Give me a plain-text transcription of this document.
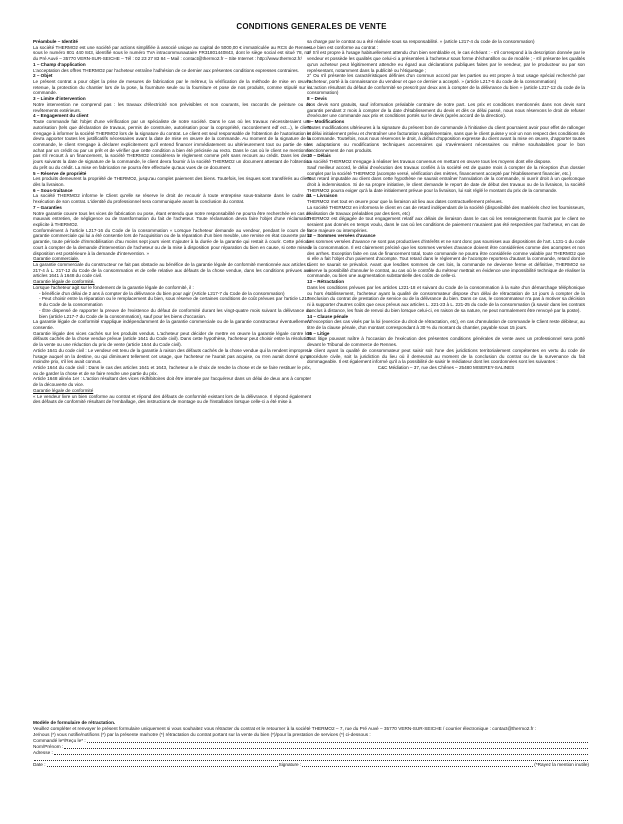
CONDITIONS GENERALES DE VENTE

Préambule – Identité

La société THERMO2 est une société par actions simplifiée à associé unique au capital de 5000,00 € immatriculée au RCS de Rennes sous le numéro 801 440 843, identifié sous le numéro TVA intracommunautaire FR31801440843, dont le siège social est situé 78, rue du Pré Auvé – 35770 VERN-SUR-SEICHE – Tél : 02 23 27 83 84 – Mail : contact@thermo2.fr – Site Internet : http://www.thermo2.fr/

1 – Champ d'application

L'acceptation des offres THERMO2 par l'acheteur entraîne l'adhésion de ce dernier aux présentes conditions expresses contraires.

2 – Objet

Le présent contrat a pour objet la prise de mesures de fabrication par le métreur, la vérification de la méthode de mise en œuvre retenue, la protection du chantier lors de la pose, la fourniture seule ou la fourniture et pose de nos produits, comme stipulé sur la commande.

3 – Limite d'intervention

Notre intervention ne comprend pas : les travaux d'électricité non prévisibles et non courants, les raccords de peinture ou de revêtements extérieurs.

4 – Engagement du client

Toute commande fait l'objet d'une vérification par un spécialiste de notre société. Dans le cas où les travaux nécessiteraient une autorisation (tels que déclaration de travaux, permis de construire, autorisation pour la copropriété, raccordement edf ect...), le client s'engage à informer la société THERMO2 lors de la signature du contrat. Le client est seul responsable de l'obtention de l'autorisation et devra apporter toutes les justificatifs nécessaires avant la date de mise en œuvre de la commande. Au moment de la signature de la commande, le client s'engage à déclarer explicitement qu'il entend financer immédiatement ou ultérieurement tout ou partie de son achat par un crédit ou par un prêt et de vérifier que cette condition a bien été précisée au recto. Dans le cas où le client ne mentionne pas s'il recourt à un financement, la société THERMO2 considérera le règlement comme prêt sans recours au crédit. Dans les deux jours suivants la date de signature de la commande, le client devra fournir à la société THERMO2 un document attestant de l'obtention du prêt ou du crédit. La mise en fabrication ne pourra être effectuée qu'aux vues de ce document.

5 – Réserve de propriété

Les produits demeurent la propriété de THERMO2, jusqu'au complet paiement des biens. Toutefois, les risques sont transférés au client dès la livraison.

6 – Sous-traitance

La société THERMO2 informe le Client qu'elle se réserve le droit de recourir à toute entreprise sous-traitante dans le cadre de l'exécution de son contrat. L'identité du professionnel sera communiquée avant la conclusion du contrat.

7 – Garanties

Notre garantie couvre tous les vices de fabrication ou pose, étant entendu que notre responsabilité ne pourra être recherchée en cas de mauvais entretien, de négligence ou de transformation du fait de l'acheteur. Toute réclamation devra faire l'objet d'une réclamation explicite à THERMO2.

Conformément à l'article L217-16 du Code de la consommation « Lorsque l'acheteur demande au vendeur, pendant le cours de la garantie commerciale qui lui a été consentie lors de l'acquisition ou de la réparation d'un bien meuble, une remise en état couverte par la garantie, toute période d'immobilisation d'au moins sept jours vient s'ajouter à la durée de la garantie qui restait à courir. Cette période court à compter de la demande d'intervention de l'acheteur ou de la mise à disposition pour réparation du bien en cause, si cette mise à disposition est postérieure à la demande d'intervention. »

Garantie commerciale.

La garantie commerciale du constructeur ne fait pas obstacle au bénéfice de la garantie légale de conformité mentionnée aux articles L. 217-4 à L. 217-12 du Code de la consommation et de celle relative aux défauts de la chose vendue, dans les conditions prévues aux articles 1641 à 1648 du code civil.

Garantie légale de conformité.

Lorsque l'acheteur agit sur le fondement de la garantie légale de conformité, il :

- bénéficie d'un délai de 2 ans à compter de la délivrance du bien pour agir (Article L217-7 du Code de la consommation)

- Peut choisir entre la réparation ou le remplacement du bien, sous réserve de certaines conditions de coût prévues par l'article L217-9 du Code de la consommation

- Être dispensé de rapporter la preuve de l'existence du défaut de conformité durant les vingt-quatre mois suivant la délivrance du bien (article L217-7 du Code de la consommation), sauf pour les biens d'occasion.

La garantie légale de conformité s'applique indépendamment de la garantie commerciale ou de la garantie constructeur éventuellement consentie.

Garantie légale des vices cachés sur les produits vendus. L'acheteur peut décider de mettre en œuvre la garantie légale contre les défauts cachés de la chose vendue prévue (article 1641 du Code civil). Dans cette hypothèse, l'acheteur peut choisir entre la résolution de la vente ou une réduction du prix de vente (article 1644 du Code civil).

Article 1641 du code civil : Le vendeur est tenu de la garantie à raison des défauts cachés de la chose vendue qui la rendent impropre à l'usage auquel on la destine, ou qui diminuent tellement cet usage, que l'acheteur ne l'aurait pas acquise, ou n'en aurait donné qu'un moindre prix, s'il les avait connus.

Article 1644 du code civil : Dans le cas des articles 1641 et 1643, l'acheteur a le choix de rendre la chose et de se faire restituer le prix, ou de garder la chose et de se faire rendre une partie du prix.

Article 1648 alinéa 1er : L'action résultant des vices rédhibitoires doit être intentée par l'acquéreur dans un délai de deux ans à compter de la découverte du vice.

Garantie légale de conformité

« Le vendeur livre un bien conforme au contrat et répond des défauts de conformité existant lors de la délivrance. Il répond également des défauts de conformité résultant de l'emballage, des instructions de montage ou de l'installation lorsque celle-ci a été mise à

sa charge par le contrat ou a été réalisée sous sa responsabilité. » (article L217-4 du code de la consommation)

« Le bien est conforme au contrat :

1° S'il est propre à l'usage habituellement attendu d'un bien semblable et, le cas échéant : - s'il correspond à la description donnée par le vendeur et possède les qualités que celui-ci a présentées à l'acheteur sous forme d'échantillon ou de modèle ; - s'il présente les qualités qu'un acheteur peut légitimement attendre eu égard aux déclarations publiques faites par le vendeur, par le producteur ou par son représentant, notamment dans la publicité ou l'étiquetage ;

2° Ou s'il présente les caractéristiques définies d'un commun accord par les parties ou est propre à tout usage spécial recherché par l'acheteur, porté à la connaissance du vendeur et que ce dernier a accepté. » (article L217-5 du code de la consommation)

« L'action résultant du défaut de conformité se prescrit par deux ans à compter de la délivrance du bien » (article L217-12 du code de la consommation)

8 – Devis

Nos devis sont gratuits, sauf information préalable contraire de notre part. Les prix et conditions mentionnés dans nos devis sont garantis pendant 2 mois à compter de la date d'établissement du devis et dès ce délai passé, nous nous réservons le droit de refuser d'exécuter une commande aux prix et conditions portés sur le devis (après accord de la direction).

9 – Modifications

Toutes modifications ultérieures à la signature du présent bon de commande à l'initiative du client pourraient avoir pour effet de rallonger le délai initialement prévu et d'entraîner une facturation supplémentaire, sans que le client puisse y voir un non respect des conditions de la commande. Toutefois, nous nous réservons le droit, à défaut d'opposition expresse du client avant la mise en œuvre, d'apporter toutes les adaptations ou modifications techniques accessoires qui s'avéreraient nécessaires ou même souhaitables pour le bon fonctionnement de nos produits.

10 – Délais

La société THERMO2 s'engage à réaliser les travaux convenus en mettant en œuvre tous les moyens dont elle dispose.

Sauf meilleur accord, le délai d'exécution des travaux confiés à la société est de quatre mois à compter de la réception d'un dossier complet par la société THERMO2 (acompte versé, vérification des mètres, financement accepté par l'établissement financier, etc.)

Tout retard imputable au client dans cette hypothèse ne saurait entraîner l'annulation de la commande, ni ouvrir droit à un quelconque droit à indemnisation. Si de sa propre initiative, le client demande le report de date de début des travaux ou de la livraison, la société THERMO2 pourra exiger qu'à la date initialement prévue pour la livraison, lui soit réglé le montant du prix de la commande.

11 – Livraison

THERMO2 met tout en œuvre pour que la livraison ait lieu aux dates contractuellement prévues.

La société THERMO2 en informera le client en cas de retard indépendant de la société (disponibilité des matériels chez les fournisseurs, réalisation de travaux préalables par des tiers, etc)

THERMO2 est dégagée de tout engagement relatif aux délais de livraison dans le cas où les renseignements fournis par le client ne seraient pas donnés en temps voulu, dans le cas où les conditions de paiement n'auraient pas été respectées par l'acheteur, en cas de force majeure ou intempéries.

12 – Sommes versées d'avance

Les sommes versées d'avance ne sont pas productives d'intérêts et ne sont donc pas soumises aux dispositions de l'art. L131-1 du code de la consommation. Il est clairement précisé que les sommes versées d'avance doivent être considérées comme des acomptes et non des arrhes. Exception faite en cas de financement total, toute commande ne pourra être considérée comme valable par THERMO2 que si elle a fait l'objet d'un paiement d'acompte. Tout retard dans le règlement de l'acompte reportera d'autant la commande, retard dont le client ne saurait se prévaloir. Avant que lesdites sommes de ces lois, la commande ne devienne ferme et définitive, THERMO2 se réserve la possibilité d'annuler le contrat, au cas où le contrôle du métreur mettrait en évidence une impossibilité technique de réaliser la commande, ou bien une augmentation substantielle des coûts de celle-ci.

13 – Rétractation

Dans les conditions prévues par les articles L221-18 et suivant du Code de la consommation à la suite d'un démarchage téléphonique ou hors établissement, l'acheteur ayant la qualité de consommateur dispose d'un délai de rétractation de 14 jours à compter de la conclusion du contrat de prestation de service ou de la délivrance du bien. Dans ce cas, le consommateur n'a pas à motiver sa décision ni à supporter d'autres coûts que ceux prévus aux articles L. 221-23 à L. 221-25 du code de la consommation (à savoir dans les contrats conclus à distance, les frais de renvoi du bien lorsque celui-ci, en raison de sa nature, ne peut normalement être renvoyé par la poste).

14 – Clause pénale

À l'exception des cas visés par la loi (exercice du droit de rétractation, etc), en cas d'annulation de commande le Client reste débiteur, au titre de la clause pénale, d'un montant correspondant à 30 % du montant du chantier, payable sous 15 jours.

15 – Litige

Tout litige pouvant naître à l'occasion de l'exécution des présentes conditions générales de vente avec un professionnel sera porté devant le Tribunal de commerce de Rennes.

Le client ayant la qualité de consommateur peut saisir soit l'une des juridictions territorialement compétentes en vertu du code de procédure civile, soit la juridiction du lieu où il demeurait au moment de la conclusion du contrat ou de la survenance du fait dommageable. Il est également informé qu'il a la possibilité de saisir le médiateur dont les coordonnées sont les suivantes :

C&C Médiation – 37, rue des Chênes – 25480 MISEREY-SALINES

Modèle de formulaire de rétractation.

Veuillez compléter et renvoyer le présent formulaire uniquement si vous souhaitez vous rétracter du contrat et le retourner à la société THERMO2 – 7, rue du Pré Auvé – 35770 VERN-SUR-SEICHE / courrier électronique : contact@thermo2.fr :

Je/nous (*) vous notifie/notifions (*) par la présente ma/notre (*) rétractation du contrat portant sur la vente du bien (*)/pour la prestation de services (*) ci-dessous :

Commandé le*/Reçu le* :
Nom/Prénom :
Adresse :
Date :	Signature :	(*Rayez la mention inutile)
